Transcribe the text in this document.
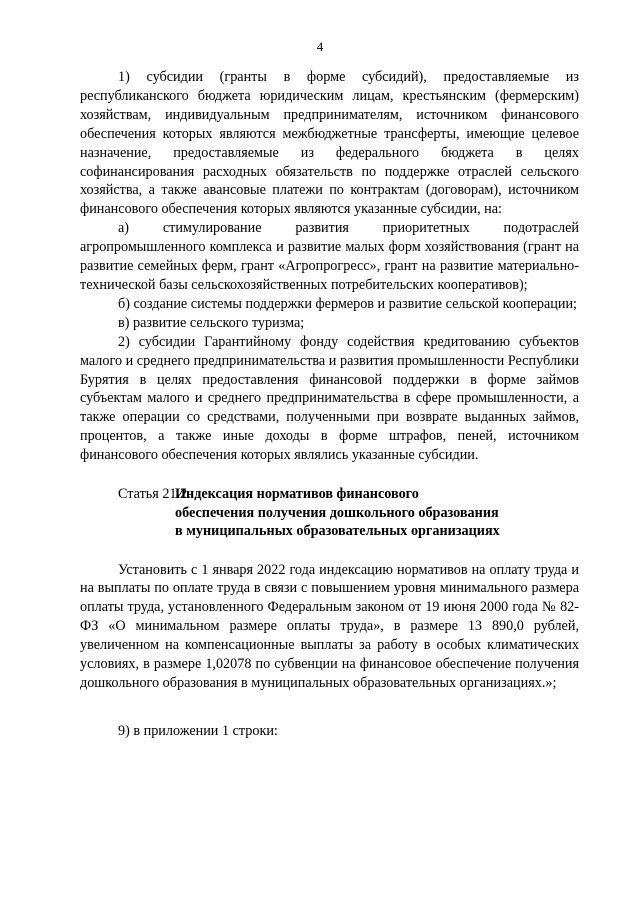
4

1) субсидии (гранты в форме субсидий), предоставляемые из республиканского бюджета юридическим лицам, крестьянским (фермерским) хозяйствам, индивидуальным предпринимателям, источником финансового обеспечения которых являются межбюджетные трансферты, имеющие целевое назначение, предоставляемые из федерального бюджета в целях софинансирования расходных обязательств по поддержке отраслей сельского хозяйства, а также авансовые платежи по контрактам (договорам), источником финансового обеспечения которых являются указанные субсидии, на:

а) стимулирование развития приоритетных подотраслей агропромышленного комплекса и развитие малых форм хозяйствования (грант на развитие семейных ферм, грант «Агропрогресс», грант на развитие материально-технической базы сельскохозяйственных потребительских кооперативов);

б) создание системы поддержки фермеров и развитие сельской кооперации;

в) развитие сельского туризма;

2) субсидии Гарантийному фонду содействия кредитованию субъектов малого и среднего предпринимательства и развития промышленности Республики Бурятия в целях предоставления финансовой поддержки в форме займов субъектам малого и среднего предпринимательства в сфере промышленности, а также операции со средствами, полученными при возврате выданных займов, процентов, а также иные доходы в форме штрафов, пеней, источником финансового обеспечения которых являлись указанные субсидии.

Статья 21.2.
Индексация нормативов финансового
обеспечения получения дошкольного образования
в муниципальных образовательных организациях

Установить с 1 января 2022 года индексацию нормативов на оплату труда и на выплаты по оплате труда в связи с повышением уровня минимального размера оплаты труда, установленного Федеральным законом от 19 июня 2000 года № 82-ФЗ «О минимальном размере оплаты труда», в размере 13 890,0 рублей, увеличенном на компенсационные выплаты за работу в особых климатических условиях, в размере 1,02078 по субвенции на финансовое обеспечение получения дошкольного образования в муниципальных образовательных организациях.»;

9) в приложении 1 строки:
